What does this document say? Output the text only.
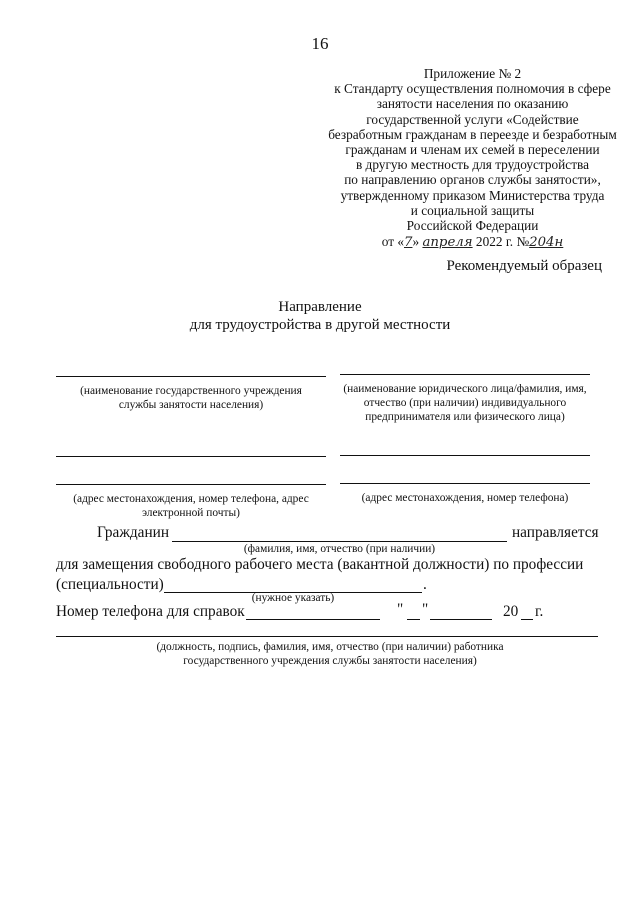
16
Приложение № 2
к Стандарту осуществления полномочия в сфере
занятости населения по оказанию
государственной услуги «Содействие
безработным гражданам в переезде и безработным
гражданам и членам их семей в переселении
в другую местность для трудоустройства
по направлению органов службы занятости»,
утвержденному приказом Министерства труда
и социальной защиты
Российской Федерации
от «7» апреля 2022 г. №204н
Рекомендуемый образец
Направление
для трудоустройства в другой местности
(наименование государственного учреждения службы занятости населения)
(наименование юридического лица/фамилия, имя, отчество (при наличии) индивидуального предпринимателя или физического лица)
(адрес местонахождения, номер телефона, адрес электронной почты)
(адрес местонахождения, номер телефона)
Гражданин	направляется
(фамилия, имя, отчество (при наличии)
для замещения свободного рабочего места (вакантной должности) по профессии
(специальности)	.
(нужное указать)
Номер телефона для справок	" "	20 г.
(должность, подпись, фамилия, имя, отчество (при наличии) работника государственного учреждения службы занятости населения)
